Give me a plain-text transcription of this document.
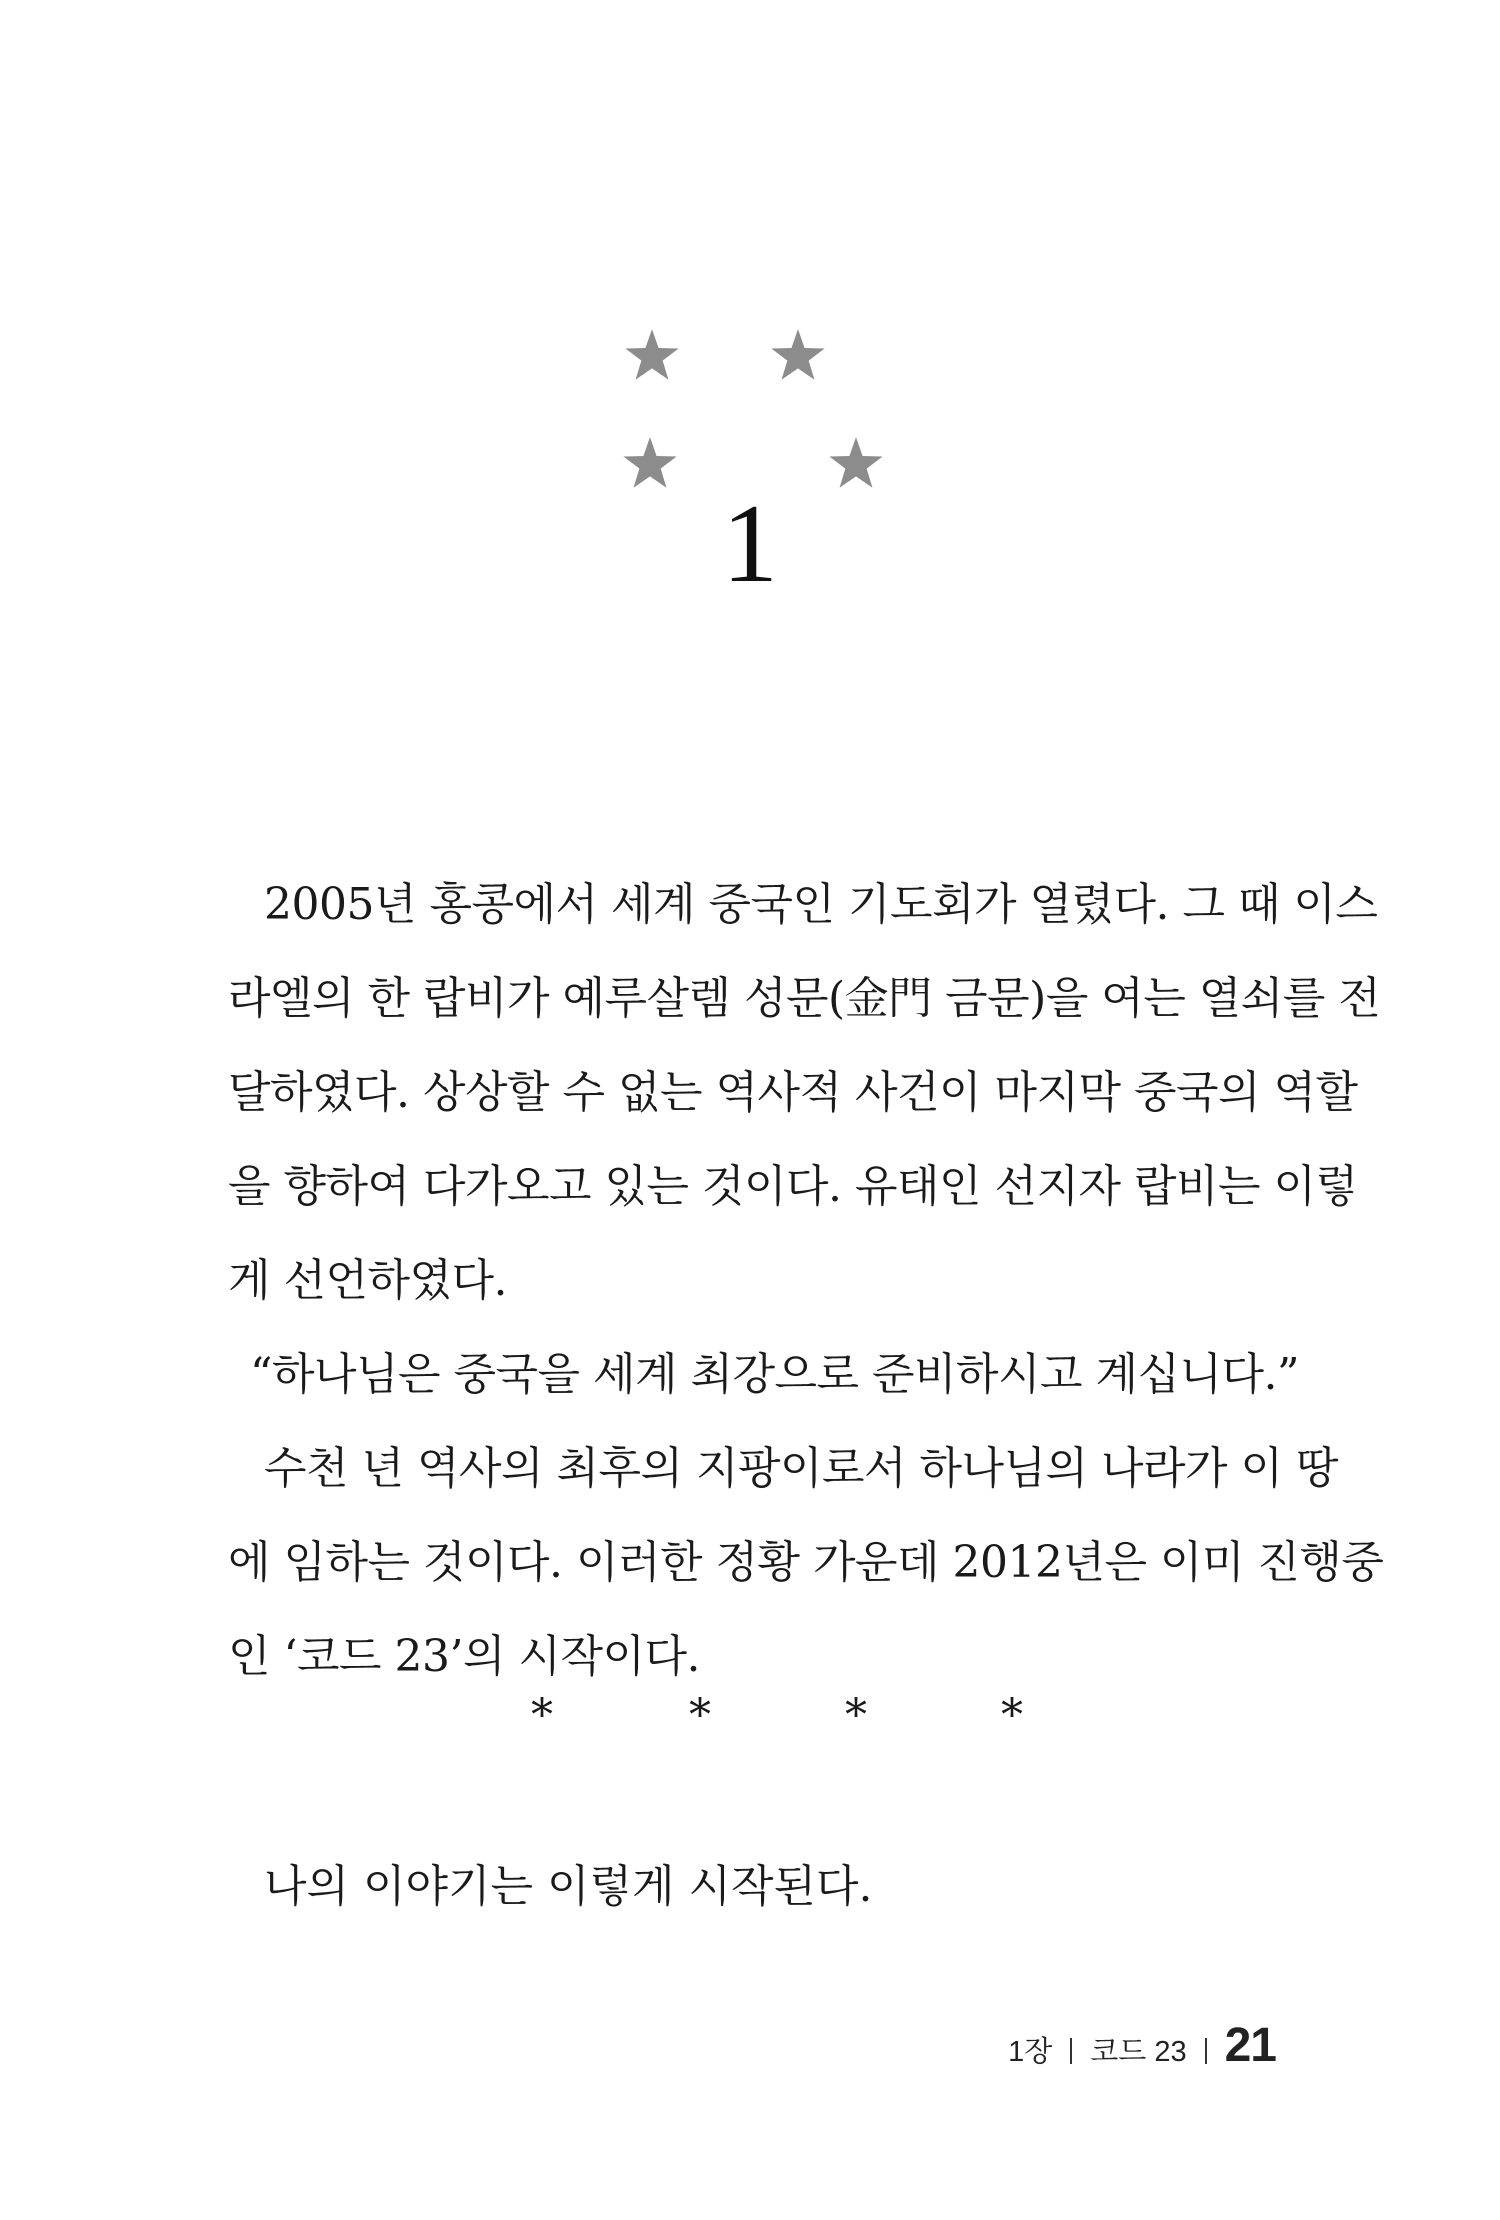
1
2005년 홍콩에서 세계 중국인 기도회가 열렸다. 그 때 이스
라엘의 한 랍비가 예루살렘 성문(金門 금문)을 여는 열쇠를 전
달하였다. 상상할 수 없는 역사적 사건이 마지막 중국의 역할
을 향하여 다가오고 있는 것이다. 유태인 선지자 랍비는 이렇
게 선언하였다.
“하나님은 중국을 세계 최강으로 준비하시고 계십니다.”
수천 년 역사의 최후의 지팡이로서 하나님의 나라가 이 땅
에 임하는 것이다. 이러한 정황 가운데 2012년은 이미 진행중
인 ‘코드 23’의 시작이다.
*	*	*	*
나의 이야기는 이렇게 시작된다.
1장 코드 23 21
